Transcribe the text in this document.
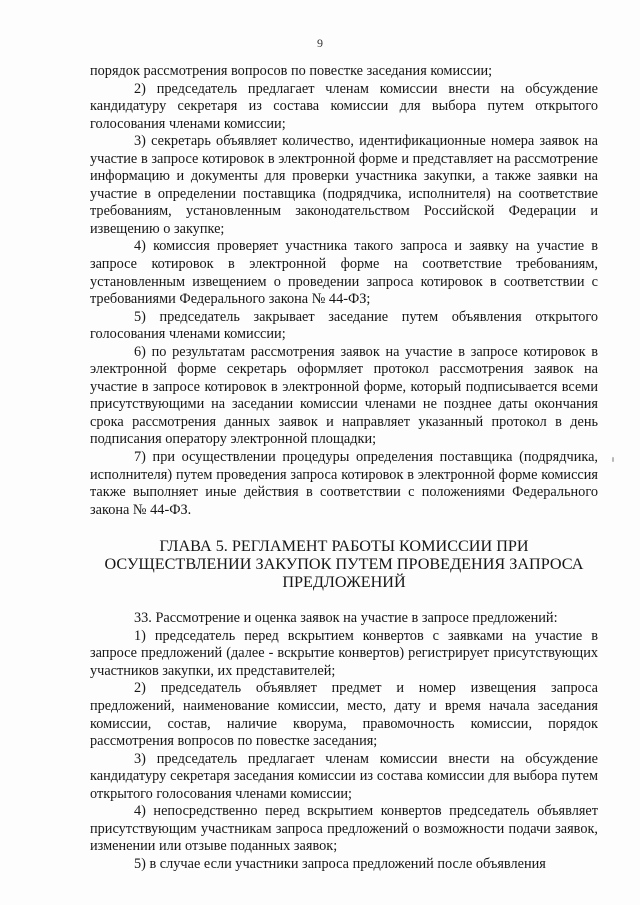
9

порядок рассмотрения вопросов по повестке заседания комиссии;

2) председатель предлагает членам комиссии внести на обсуждение кандидатуру секретаря из состава комиссии для выбора путем открытого голосования членами комиссии;

3) секретарь объявляет количество, идентификационные номера заявок на участие в запросе котировок в электронной форме и представляет на рассмотрение информацию и документы для проверки участника закупки, а также заявки на участие в определении поставщика (подрядчика, исполнителя) на соответствие требованиям, установленным законодательством Российской Федерации и извещению о закупке;

4) комиссия проверяет участника такого запроса и заявку на участие в запросе котировок в электронной форме на соответствие требованиям, установленным извещением о проведении запроса котировок в соответствии с требованиями Федерального закона № 44-ФЗ;

5) председатель закрывает заседание путем объявления открытого голосования членами комиссии;

6) по результатам рассмотрения заявок на участие в запросе котировок в электронной форме секретарь оформляет протокол рассмотрения заявок на участие в запросе котировок в электронной форме, который подписывается всеми присутствующими на заседании комиссии членами не позднее даты окончания срока рассмотрения данных заявок и направляет указанный протокол в день подписания оператору электронной площадки;

7) при осуществлении процедуры определения поставщика (подрядчика, исполнителя) путем проведения запроса котировок в электронной форме комиссия также выполняет иные действия в соответствии с положениями Федерального закона № 44-ФЗ.

ГЛАВА 5. РЕГЛАМЕНТ РАБОТЫ КОМИССИИ ПРИ ОСУЩЕСТВЛЕНИИ ЗАКУПОК ПУТЕМ ПРОВЕДЕНИЯ ЗАПРОСА ПРЕДЛОЖЕНИЙ

33. Рассмотрение и оценка заявок на участие в запросе предложений:

1) председатель перед вскрытием конвертов с заявками на участие в запросе предложений (далее - вскрытие конвертов) регистрирует присутствующих участников закупки, их представителей;

2) председатель объявляет предмет и номер извещения запроса предложений, наименование комиссии, место, дату и время начала заседания комиссии, состав, наличие кворума, правомочность комиссии, порядок рассмотрения вопросов по повестке заседания;

3) председатель предлагает членам комиссии внести на обсуждение кандидатуру секретаря заседания комиссии из состава комиссии для выбора путем открытого голосования членами комиссии;

4) непосредственно перед вскрытием конвертов председатель объявляет присутствующим участникам запроса предложений о возможности подачи заявок, изменении или отзыве поданных заявок;

5) в случае если участники запроса предложений после объявления
